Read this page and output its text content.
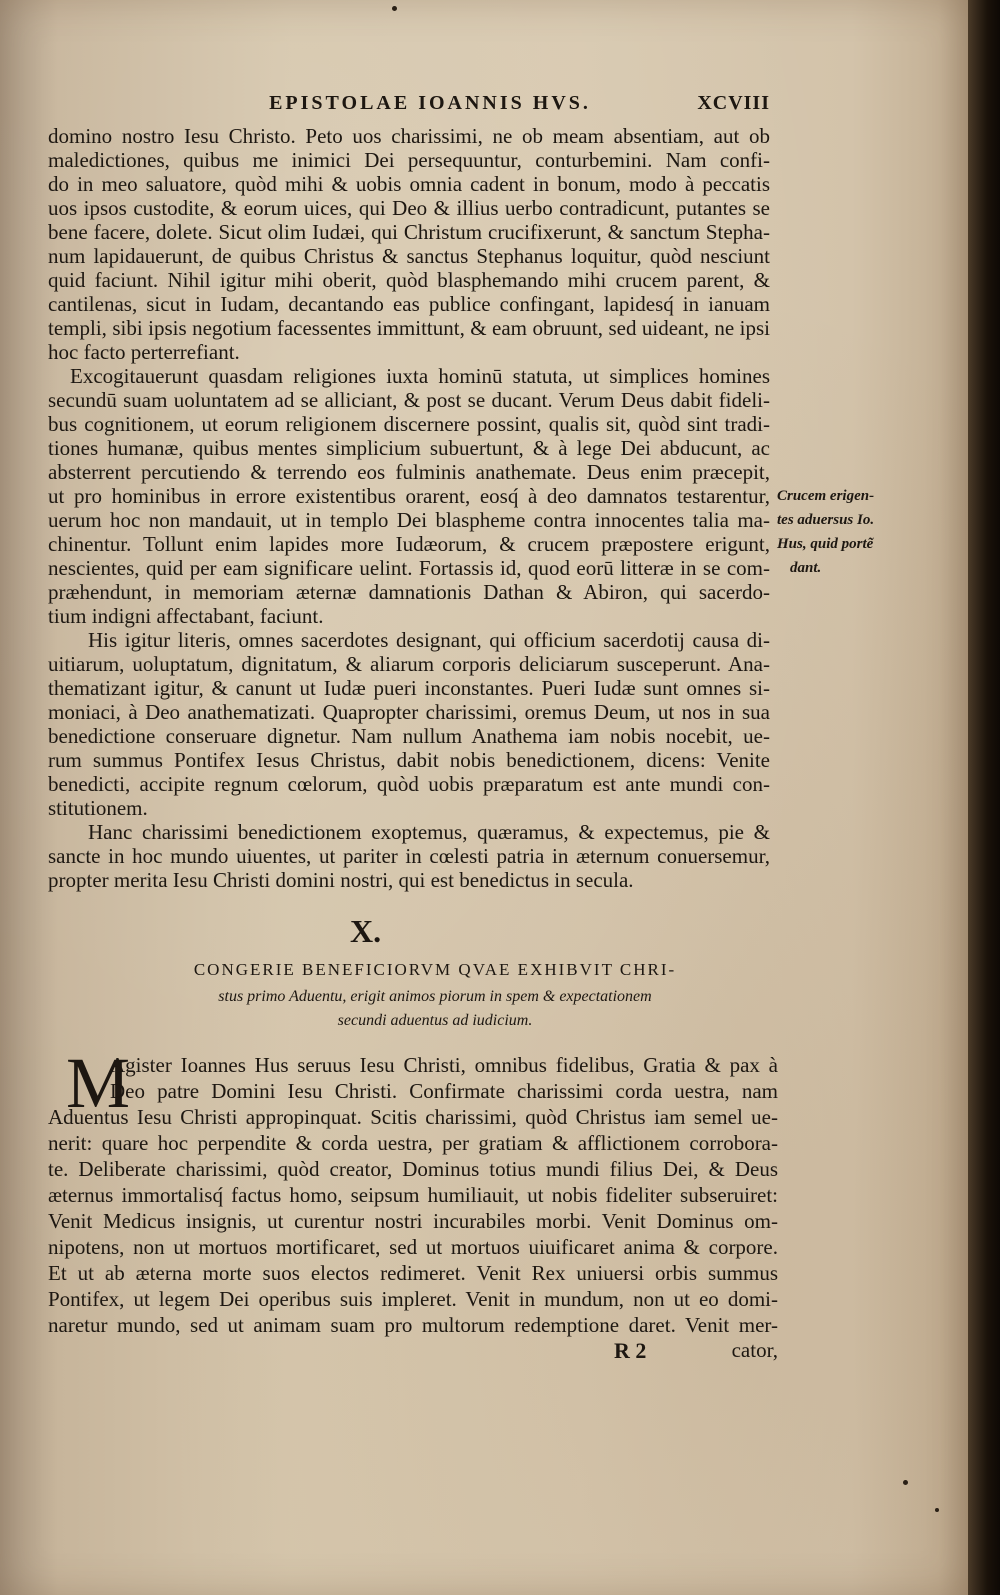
EPISTOLAE IOANNIS HVS.	XCVIII
domino nostro Iesu Christo. Peto uos charissimi, ne ob meam absentiam, aut ob
maledictiones, quibus me inimici Dei persequuntur, conturbemini. Nam confi-
do in meo saluatore, quòd mihi & uobis omnia cadent in bonum, modo à peccatis
uos ipsos custodite, & eorum uices, qui Deo & illius uerbo contradicunt, putantes se
bene facere, dolete. Sicut olim Iudæi, qui Christum crucifixerunt, & sanctum Stepha-
num lapidauerunt, de quibus Christus & sanctus Stephanus loquitur, quòd nesciunt
quid faciunt. Nihil igitur mihi oberit, quòd blasphemando mihi crucem parent, &
cantilenas, sicut in Iudam, decantando eas publice confingant, lapidesq́ in ianuam
templi, sibi ipsis negotium facessentes immittunt, & eam obruunt, sed uideant, ne ipsi
hoc facto perterrefiant.
Excogitauerunt quasdam religiones iuxta hominū statuta, ut simplices homines
secundū suam uoluntatem ad se alliciant, & post se ducant. Verum Deus dabit fideli-
bus cognitionem, ut eorum religionem discernere possint, qualis sit, quòd sint tradi-
tiones humanæ, quibus mentes simplicium subuertunt, & à lege Dei abducunt, ac
absterrent percutiendo & terrendo eos fulminis anathemate. Deus enim præcepit,
ut pro hominibus in errore existentibus orarent, eosq́ à deo damnatos testarentur,
uerum hoc non mandauit, ut in templo Dei blaspheme contra innocentes talia ma-
chinentur. Tollunt enim lapides more Iudæorum, & crucem præpostere erigunt,
nescientes, quid per eam significare uelint. Fortassis id, quod eorū litteræ in se com-
præhendunt, in memoriam æternæ damnationis Dathan & Abiron, qui sacerdo-
tium indigni affectabant, faciunt.
His igitur literis, omnes sacerdotes designant, qui officium sacerdotij causa di-
uitiarum, uoluptatum, dignitatum, & aliarum corporis deliciarum susceperunt. Ana-
thematizant igitur, & canunt ut Iudæ pueri inconstantes. Pueri Iudæ sunt omnes si-
moniaci, à Deo anathematizati. Quapropter charissimi, oremus Deum, ut nos in sua
benedictione conseruare dignetur. Nam nullum Anathema iam nobis nocebit, ue-
rum summus Pontifex Iesus Christus, dabit nobis benedictionem, dicens: Venite
benedicti, accipite regnum cœlorum, quòd uobis præparatum est ante mundi con-
stitutionem.
Hanc charissimi benedictionem exoptemus, quæramus, & expectemus, pie &
sancte in hoc mundo uiuentes, ut pariter in cœlesti patria in æternum conuersemur,
propter merita Iesu Christi domini nostri, qui est benedictus in secula.
Crucem erigen-
tes aduersus Io.
Hus, quid portẽ
dant.
X.
CONGERIE BENEFICIORVM QVAE EXHIBVIT CHRI-
stus primo Aduentu, erigit animos piorum in spem & expectationem
secundi aduentus ad iudicium.
M
Agister Ioannes Hus seruus Iesu Christi, omnibus fidelibus, Gratia & pax à
Deo patre Domini Iesu Christi. Confirmate charissimi corda uestra, nam
Aduentus Iesu Christi appropinquat. Scitis charissimi, quòd Christus iam semel ue-
nerit: quare hoc perpendite & corda uestra, per gratiam & afflictionem corrobora-
te. Deliberate charissimi, quòd creator, Dominus totius mundi filius Dei, & Deus
æternus immortalisq́ factus homo, seipsum humiliauit, ut nobis fideliter subseruiret:
Venit Medicus insignis, ut curentur nostri incurabiles morbi. Venit Dominus om-
nipotens, non ut mortuos mortificaret, sed ut mortuos uiuificaret anima & corpore.
Et ut ab æterna morte suos electos redimeret. Venit Rex uniuersi orbis summus
Pontifex, ut legem Dei operibus suis impleret. Venit in mundum, non ut eo domi-
naretur mundo, sed ut animam suam pro multorum redemptione daret. Venit mer-
R 2	cator,
